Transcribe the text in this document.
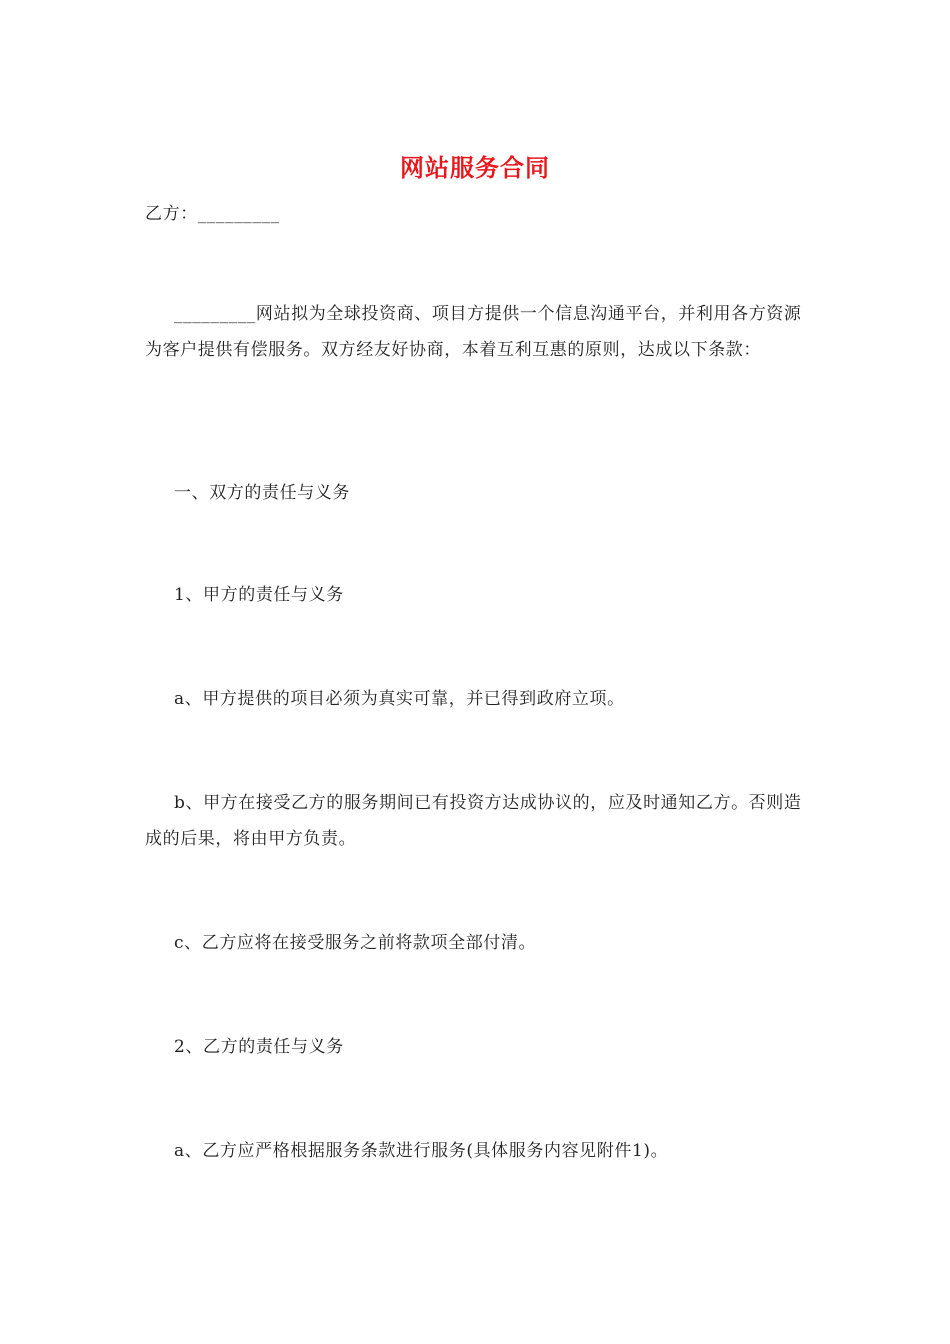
网站服务合同
乙方：_________
_________网站拟为全球投资商、项目方提供一个信息沟通平台，并利用各方资源为客户提供有偿服务。双方经友好协商，本着互利互惠的原则，达成以下条款：
一、双方的责任与义务
1、甲方的责任与义务
a、甲方提供的项目必须为真实可靠，并已得到政府立项。
b、甲方在接受乙方的服务期间已有投资方达成协议的，应及时通知乙方。否则造成的后果，将由甲方负责。
c、乙方应将在接受服务之前将款项全部付清。
2、乙方的责任与义务
a、乙方应严格根据服务条款进行服务(具体服务内容见附件1)。
